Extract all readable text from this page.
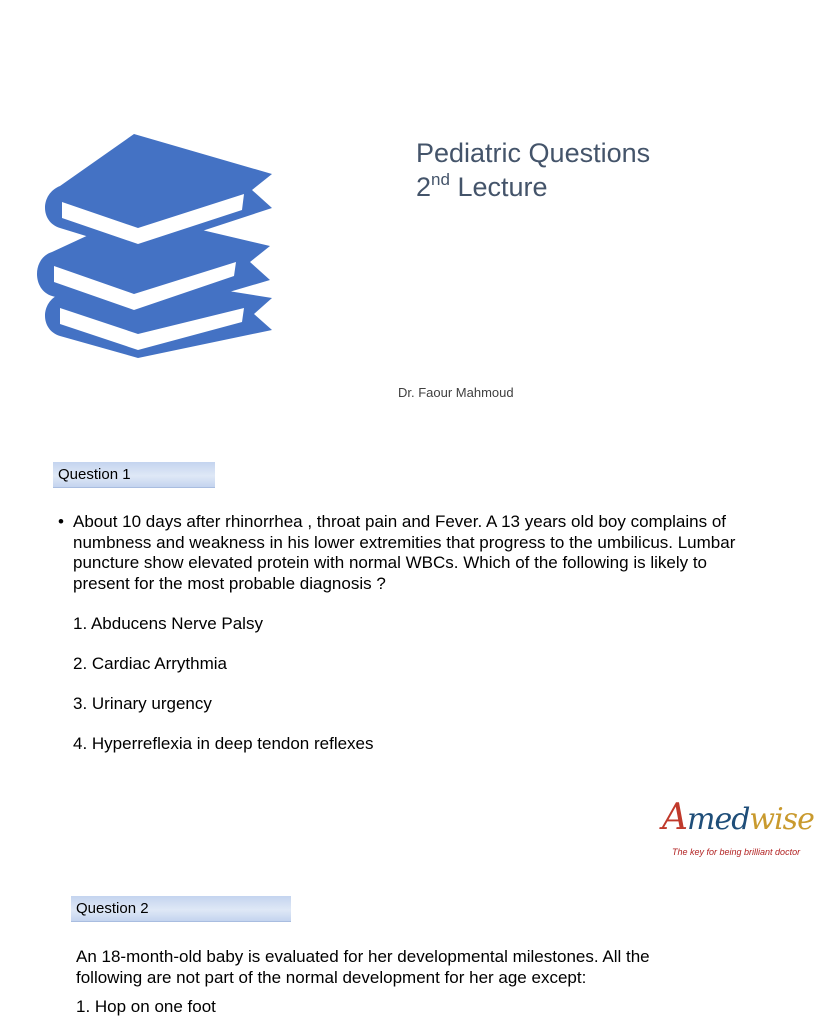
Pediatric Questions
2nd Lecture
Dr. Faour Mahmoud
Question 1
• About 10 days after rhinorrhea , throat pain and Fever. A 13 years old boy complains of numbness and weakness in his lower extremities that progress to the umbilicus. Lumbar puncture show elevated protein with normal WBCs. Which of the following is likely to present for the most probable diagnosis ?
1. Abducens Nerve Palsy
2. Cardiac Arrythmia
3. Urinary urgency
4. Hyperreflexia in deep tendon reflexes
Amedwise
The key for being brilliant doctor
Question 2
An 18-month-old baby is evaluated for her developmental milestones. All the following are not part of the normal development for her age except:
1. Hop on one foot
